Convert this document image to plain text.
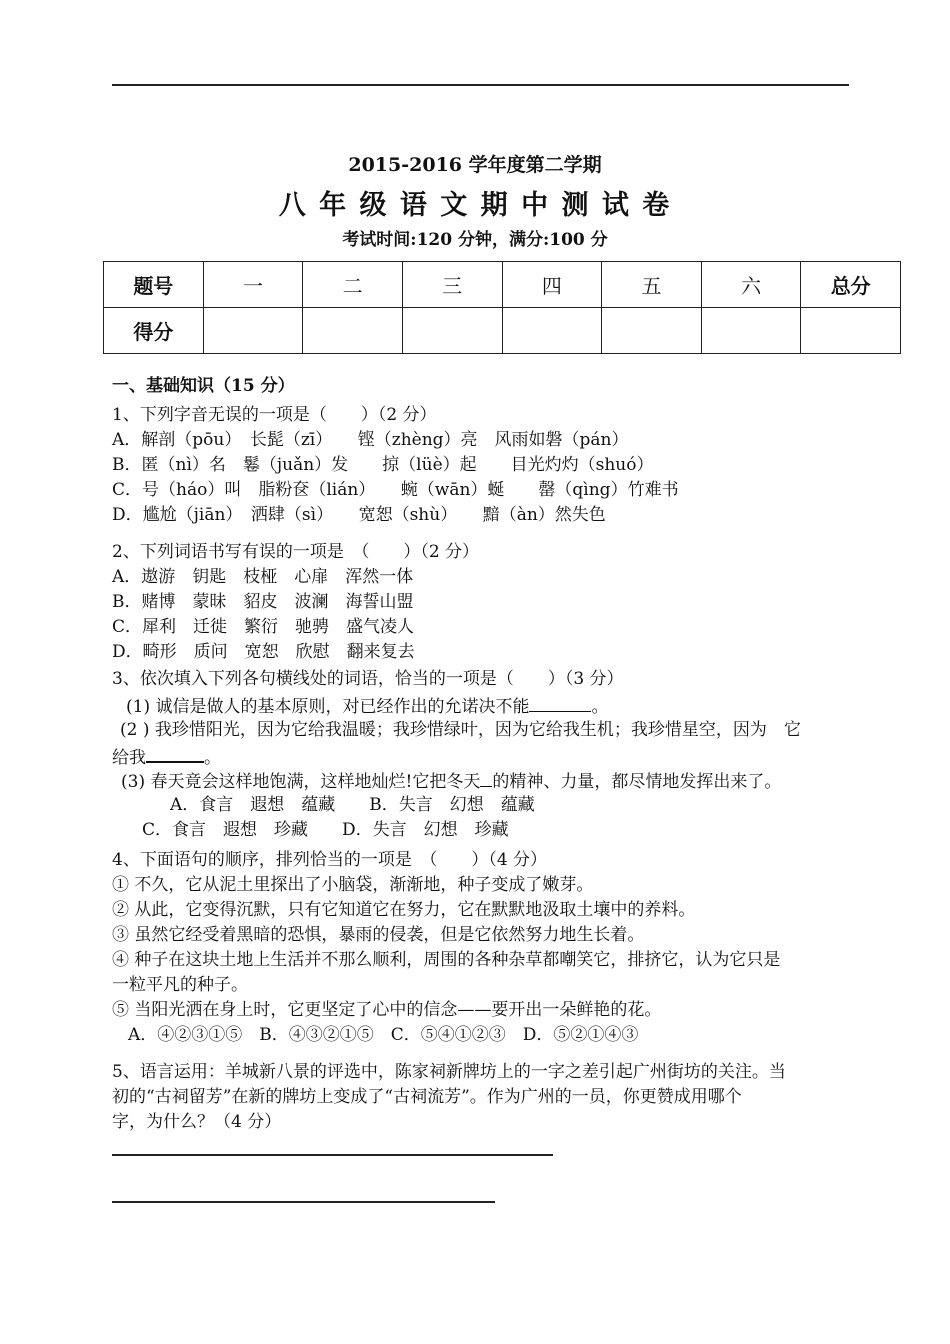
2015-2016 学年度第二学期
八 年 级 语 文 期 中 测 试 卷
考试时间:120 分钟，满分:100 分
题号	一	二	三	四	五	六	总分
得分							
一、基础知识（15 分）
1、下列字音无误的一项是（　　）（2 分）
A．解剖（pōu）　长髭（zī）　　铿（zhèng）亮　风雨如磐（pán）
B．匿（nì）名　鬈（juǎn）发　　掠（lüè）起　　目光灼灼（shuó）
C．号（háo）叫　脂粉奁（lián）　　蜿（wān）蜒　　罄（qìng）竹难书
D．尴尬（jiān）　洒肆（sì）　　宽恕（shù）　　黯（àn）然失色
2、下列词语书写有误的一项是　（　　）（2 分）
A．遨游　钥匙　枝桠　心扉　浑然一体
B．赌博　蒙昧　貂皮　波澜　海誓山盟
C．犀利　迁徙　繁衍　驰骋　盛气凌人
D．畸形　质问　宽恕　欣慰　翻来复去
3、依次填入下列各句横线处的词语，恰当的一项是（　　）（3 分）
(1) 诚信是做人的基本原则，对已经作出的允诺决不能	。
(2 ) 我珍惜阳光，因为它给我温暖；我珍惜绿叶，因为它给我生机；我珍惜星空，因为　它
给我	。
(3) 春天竟会这样地饱满，这样地灿烂!它把冬天 的精神、力量，都尽情地发挥出来了。
A．食言　遐想　蕴藏　　B．失言　幻想　蕴藏
C．食言　遐想　珍藏　　D．失言　幻想　珍藏
4、下面语句的顺序，排列恰当的一项是　（　　）（4 分）
① 不久，它从泥土里探出了小脑袋，渐渐地，种子变成了嫩芽。
② 从此，它变得沉默，只有它知道它在努力，它在默默地汲取土壤中的养料。
③ 虽然它经受着黑暗的恐惧，暴雨的侵袭，但是它依然努力地生长着。
④ 种子在这块土地上生活并不那么顺利，周围的各种杂草都嘲笑它，排挤它，认为它只是
一粒平凡的种子。
⑤ 当阳光洒在身上时，它更坚定了心中的信念——要开出一朵鲜艳的花。
A．④②③①⑤　B．④③②①⑤　C．⑤④①②③　D．⑤②①④③
5、语言运用：羊城新八景的评选中，陈家祠新牌坊上的一字之差引起广州街坊的关注。当
初的“古祠留芳”在新的牌坊上变成了“古祠流芳”。作为广州的一员，你更赞成用哪个
字，为什么？（4 分）
